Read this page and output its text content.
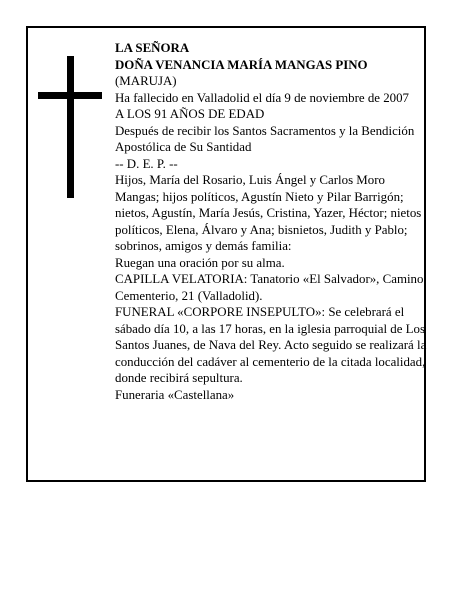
LA SEÑORA

DOÑA VENANCIA MARÍA MANGAS PINO

(MARUJA)

Ha fallecido en Valladolid el día 9 de noviembre de 2007

A LOS 91 AÑOS DE EDAD

Después de recibir los Santos Sacramentos y la Bendición Apostólica de Su Santidad

-- D. E. P. --

Hijos, María del Rosario, Luis Ángel y Carlos Moro Mangas; hijos políticos, Agustín Nieto y Pilar Barrigón; nietos, Agustín, María Jesús, Cristina, Yazer, Héctor; nietos políticos, Elena, Álvaro y Ana; bisnietos, Judith y Pablo; sobrinos, amigos y demás familia:

Ruegan una oración por su alma.

CAPILLA VELATORIA: Tanatorio «El Salvador», Camino Cementerio, 21 (Valladolid).

FUNERAL «CORPORE INSEPULTO»: Se celebrará el sábado día 10, a las 17 horas, en la iglesia parroquial de Los Santos Juanes, de Nava del Rey. Acto seguido se realizará la conducción del cadáver al cementerio de la citada localidad, donde recibirá sepultura.

Funeraria «Castellana»
